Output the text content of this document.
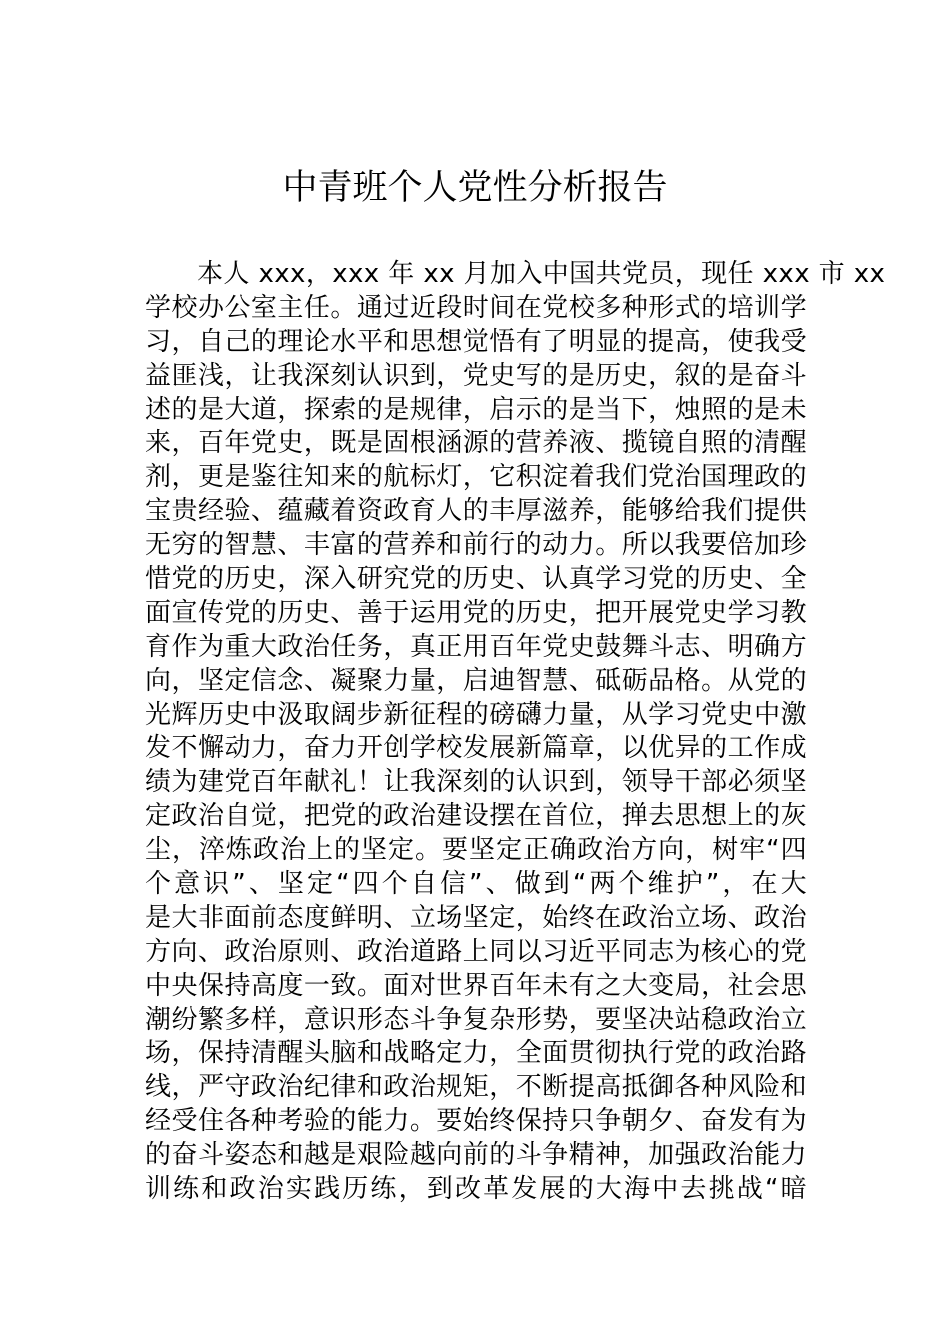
中青班个人党性分析报告
本人 xxx，xxx 年 xx 月加入中国共党员，现任 xxx 市 xx
学校办公室主任。通过近段时间在党校多种形式的培训学
习，自己的理论水平和思想觉悟有了明显的提高，使我受
益匪浅，让我深刻认识到，党史写的是历史，叙的是奋斗
述的是大道，探索的是规律，启示的是当下，烛照的是未
来，百年党史，既是固根涵源的营养液、揽镜自照的清醒
剂，更是鉴往知来的航标灯，它积淀着我们党治国理政的
宝贵经验、蕴藏着资政育人的丰厚滋养，能够给我们提供
无穷的智慧、丰富的营养和前行的动力。所以我要倍加珍
惜党的历史，深入研究党的历史、认真学习党的历史、全
面宣传党的历史、善于运用党的历史，把开展党史学习教
育作为重大政治任务，真正用百年党史鼓舞斗志、明确方
向，坚定信念、凝聚力量，启迪智慧、砥砺品格。从党的
光辉历史中汲取阔步新征程的磅礴力量，从学习党史中激
发不懈动力，奋力开创学校发展新篇章，以优异的工作成
绩为建党百年献礼！让我深刻的认识到，领导干部必须坚
定政治自觉，把党的政治建设摆在首位，掸去思想上的灰
尘，淬炼政治上的坚定。要坚定正确政治方向，树牢“四
个意识”、坚定“四个自信”、做到“两个维护”，在大
是大非面前态度鲜明、立场坚定，始终在政治立场、政治
方向、政治原则、政治道路上同以习近平同志为核心的党
中央保持高度一致。面对世界百年未有之大变局，社会思
潮纷繁多样，意识形态斗争复杂形势，要坚决站稳政治立
场，保持清醒头脑和战略定力，全面贯彻执行党的政治路
线，严守政治纪律和政治规矩，不断提高抵御各种风险和
经受住各种考验的能力。要始终保持只争朝夕、奋发有为
的奋斗姿态和越是艰险越向前的斗争精神，加强政治能力
训练和政治实践历练，到改革发展的大海中去挑战“暗
